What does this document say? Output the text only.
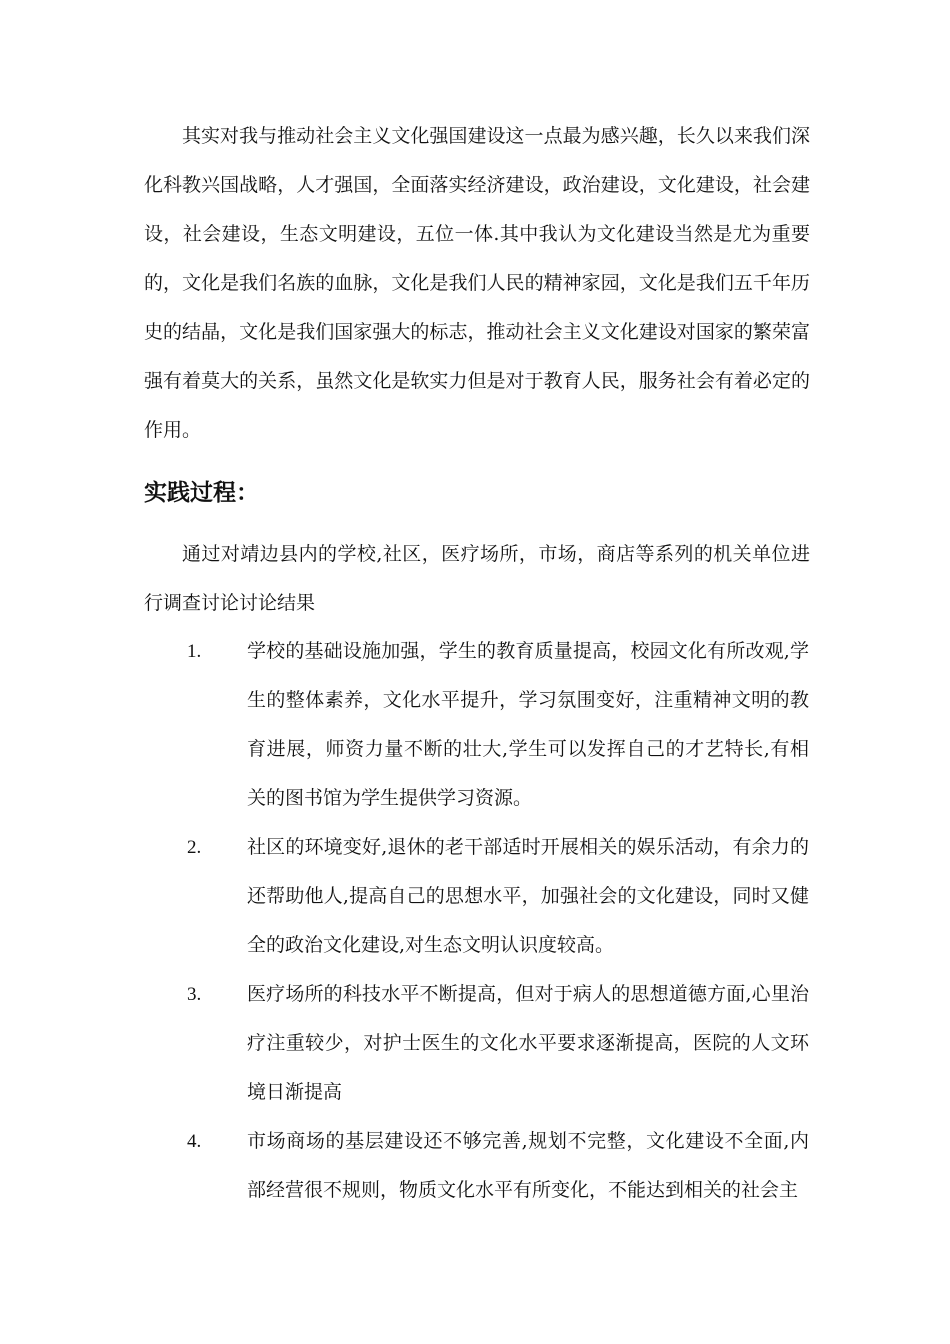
其实对我与推动社会主义文化强国建设这一点最为感兴趣，长久以来我们深化科教兴国战略，人才强国，全面落实经济建设，政治建设，文化建设，社会建设，社会建设，生态文明建设，五位一体.其中我认为文化建设当然是尤为重要的，文化是我们名族的血脉，文化是我们人民的精神家园，文化是我们五千年历史的结晶，文化是我们国家强大的标志，推动社会主义文化建设对国家的繁荣富强有着莫大的关系，虽然文化是软实力但是对于教育人民，服务社会有着必定的作用。
实践过程：
通过对靖边县内的学校,社区，医疗场所，市场，商店等系列的机关单位进行调查讨论讨论结果
1. 学校的基础设施加强，学生的教育质量提高，校园文化有所改观,学生的整体素养，文化水平提升，学习氛围变好，注重精神文明的教育进展，师资力量不断的壮大,学生可以发挥自己的才艺特长,有相关的图书馆为学生提供学习资源。
2. 社区的环境变好,退休的老干部适时开展相关的娱乐活动，有余力的还帮助他人,提高自己的思想水平，加强社会的文化建设，同时又健全的政治文化建设,对生态文明认识度较高。
3. 医疗场所的科技水平不断提高，但对于病人的思想道德方面,心里治疗注重较少，对护士医生的文化水平要求逐渐提高，医院的人文环境日渐提高
4. 市场商场的基层建设还不够完善,规划不完整，文化建设不全面,内部经营很不规则，物质文化水平有所变化，不能达到相关的社会主
